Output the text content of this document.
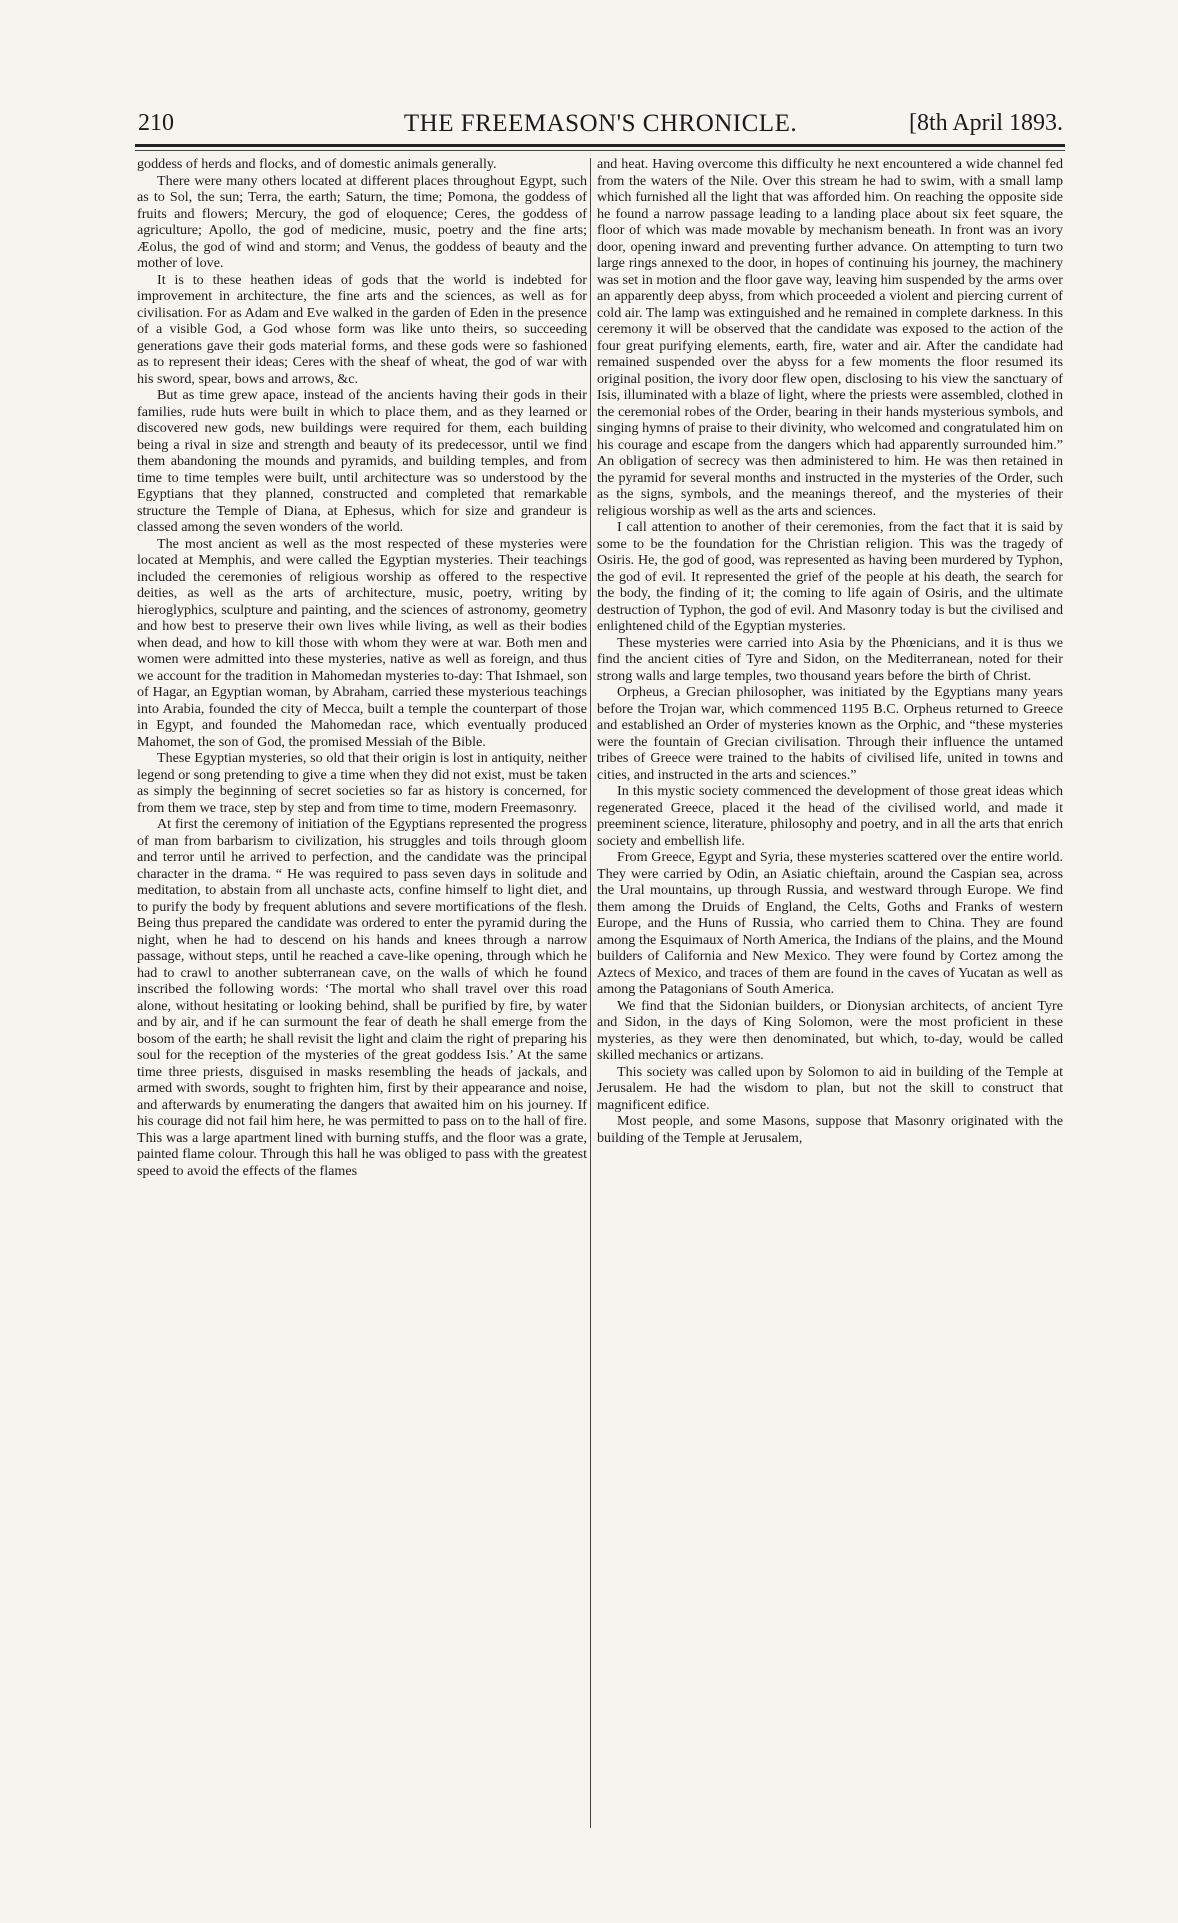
210	THE FREEMASON'S CHRONICLE.	[8th April 1893.

goddess of herds and flocks, and of domestic animals generally.

There were many others located at different places throughout Egypt, such as to Sol, the sun; Terra, the earth; Saturn, the time; Pomona, the goddess of fruits and flowers; Mercury, the god of eloquence; Ceres, the goddess of agriculture; Apollo, the god of medicine, music, poetry and the fine arts; Æolus, the god of wind and storm; and Venus, the goddess of beauty and the mother of love.

It is to these heathen ideas of gods that the world is indebted for improvement in architecture, the fine arts and the sciences, as well as for civilisation. For as Adam and Eve walked in the garden of Eden in the presence of a visible God, a God whose form was like unto theirs, so succeeding generations gave their gods material forms, and these gods were so fashioned as to represent their ideas; Ceres with the sheaf of wheat, the god of war with his sword, spear, bows and arrows, &c.

But as time grew apace, instead of the ancients having their gods in their families, rude huts were built in which to place them, and as they learned or discovered new gods, new buildings were required for them, each building being a rival in size and strength and beauty of its predecessor, until we find them abandoning the mounds and pyramids, and building temples, and from time to time temples were built, until architecture was so understood by the Egyptians that they planned, constructed and completed that remarkable structure the Temple of Diana, at Ephesus, which for size and grandeur is classed among the seven wonders of the world.

The most ancient as well as the most respected of these mysteries were located at Memphis, and were called the Egyptian mysteries. Their teachings included the ceremonies of religious worship as offered to the respective deities, as well as the arts of architecture, music, poetry, writing by hieroglyphics, sculpture and painting, and the sciences of astronomy, geometry and how best to preserve their own lives while living, as well as their bodies when dead, and how to kill those with whom they were at war. Both men and women were admitted into these mysteries, native as well as foreign, and thus we account for the tradition in Mahomedan mysteries to-day: That Ishmael, son of Hagar, an Egyptian woman, by Abraham, carried these mysterious teachings into Arabia, founded the city of Mecca, built a temple the counterpart of those in Egypt, and founded the Mahomedan race, which eventually produced Mahomet, the son of God, the promised Messiah of the Bible.

These Egyptian mysteries, so old that their origin is lost in antiquity, neither legend or song pretending to give a time when they did not exist, must be taken as simply the beginning of secret societies so far as history is concerned, for from them we trace, step by step and from time to time, modern Freemasonry.

At first the ceremony of initiation of the Egyptians represented the progress of man from barbarism to civilization, his struggles and toils through gloom and terror until he arrived to perfection, and the candidate was the principal character in the drama. “ He was required to pass seven days in solitude and meditation, to abstain from all unchaste acts, confine himself to light diet, and to purify the body by frequent ablutions and severe mortifications of the flesh. Being thus prepared the candidate was ordered to enter the pyramid during the night, when he had to descend on his hands and knees through a narrow passage, without steps, until he reached a cave-like opening, through which he had to crawl to another subterranean cave, on the walls of which he found inscribed the following words: ‘The mortal who shall travel over this road alone, without hesitating or looking behind, shall be purified by fire, by water and by air, and if he can surmount the fear of death he shall emerge from the bosom of the earth; he shall revisit the light and claim the right of preparing his soul for the reception of the mysteries of the great goddess Isis.’ At the same time three priests, disguised in masks resembling the heads of jackals, and armed with swords, sought to frighten him, first by their appearance and noise, and afterwards by enumerating the dangers that awaited him on his journey. If his courage did not fail him here, he was permitted to pass on to the hall of fire. This was a large apartment lined with burning stuffs, and the floor was a grate, painted flame colour. Through this hall he was obliged to pass with the greatest speed to avoid the effects of the flames

and heat. Having overcome this difficulty he next encountered a wide channel fed from the waters of the Nile. Over this stream he had to swim, with a small lamp which furnished all the light that was afforded him. On reaching the opposite side he found a narrow passage leading to a landing place about six feet square, the floor of which was made movable by mechanism beneath. In front was an ivory door, opening inward and preventing further advance. On attempting to turn two large rings annexed to the door, in hopes of continuing his journey, the machinery was set in motion and the floor gave way, leaving him suspended by the arms over an apparently deep abyss, from which proceeded a violent and piercing current of cold air. The lamp was extinguished and he remained in complete darkness. In this ceremony it will be observed that the candidate was exposed to the action of the four great purifying elements, earth, fire, water and air. After the candidate had remained suspended over the abyss for a few moments the floor resumed its original position, the ivory door flew open, disclosing to his view the sanctuary of Isis, illuminated with a blaze of light, where the priests were assembled, clothed in the ceremonial robes of the Order, bearing in their hands mysterious symbols, and singing hymns of praise to their divinity, who welcomed and congratulated him on his courage and escape from the dangers which had apparently surrounded him.” An obligation of secrecy was then administered to him. He was then retained in the pyramid for several months and instructed in the mysteries of the Order, such as the signs, symbols, and the meanings thereof, and the mysteries of their religious worship as well as the arts and sciences.

I call attention to another of their ceremonies, from the fact that it is said by some to be the foundation for the Christian religion. This was the tragedy of Osiris. He, the god of good, was represented as having been murdered by Typhon, the god of evil. It represented the grief of the people at his death, the search for the body, the finding of it; the coming to life again of Osiris, and the ultimate destruction of Typhon, the god of evil. And Masonry today is but the civilised and enlightened child of the Egyptian mysteries.

These mysteries were carried into Asia by the Phœnicians, and it is thus we find the ancient cities of Tyre and Sidon, on the Mediterranean, noted for their strong walls and large temples, two thousand years before the birth of Christ.

Orpheus, a Grecian philosopher, was initiated by the Egyptians many years before the Trojan war, which commenced 1195 B.C. Orpheus returned to Greece and established an Order of mysteries known as the Orphic, and “these mysteries were the fountain of Grecian civilisation. Through their influence the untamed tribes of Greece were trained to the habits of civilised life, united in towns and cities, and instructed in the arts and sciences.”

In this mystic society commenced the development of those great ideas which regenerated Greece, placed it the head of the civilised world, and made it preeminent science, literature, philosophy and poetry, and in all the arts that enrich society and embellish life.

From Greece, Egypt and Syria, these mysteries scattered over the entire world. They were carried by Odin, an Asiatic chieftain, around the Caspian sea, across the Ural mountains, up through Russia, and westward through Europe. We find them among the Druids of England, the Celts, Goths and Franks of western Europe, and the Huns of Russia, who carried them to China. They are found among the Esquimaux of North America, the Indians of the plains, and the Mound builders of California and New Mexico. They were found by Cortez among the Aztecs of Mexico, and traces of them are found in the caves of Yucatan as well as among the Patagonians of South America.

We find that the Sidonian builders, or Dionysian architects, of ancient Tyre and Sidon, in the days of King Solomon, were the most proficient in these mysteries, as they were then denominated, but which, to-day, would be called skilled mechanics or artizans.

This society was called upon by Solomon to aid in building of the Temple at Jerusalem. He had the wisdom to plan, but not the skill to construct that magnificent edifice.

Most people, and some Masons, suppose that Masonry originated with the building of the Temple at Jerusalem,
